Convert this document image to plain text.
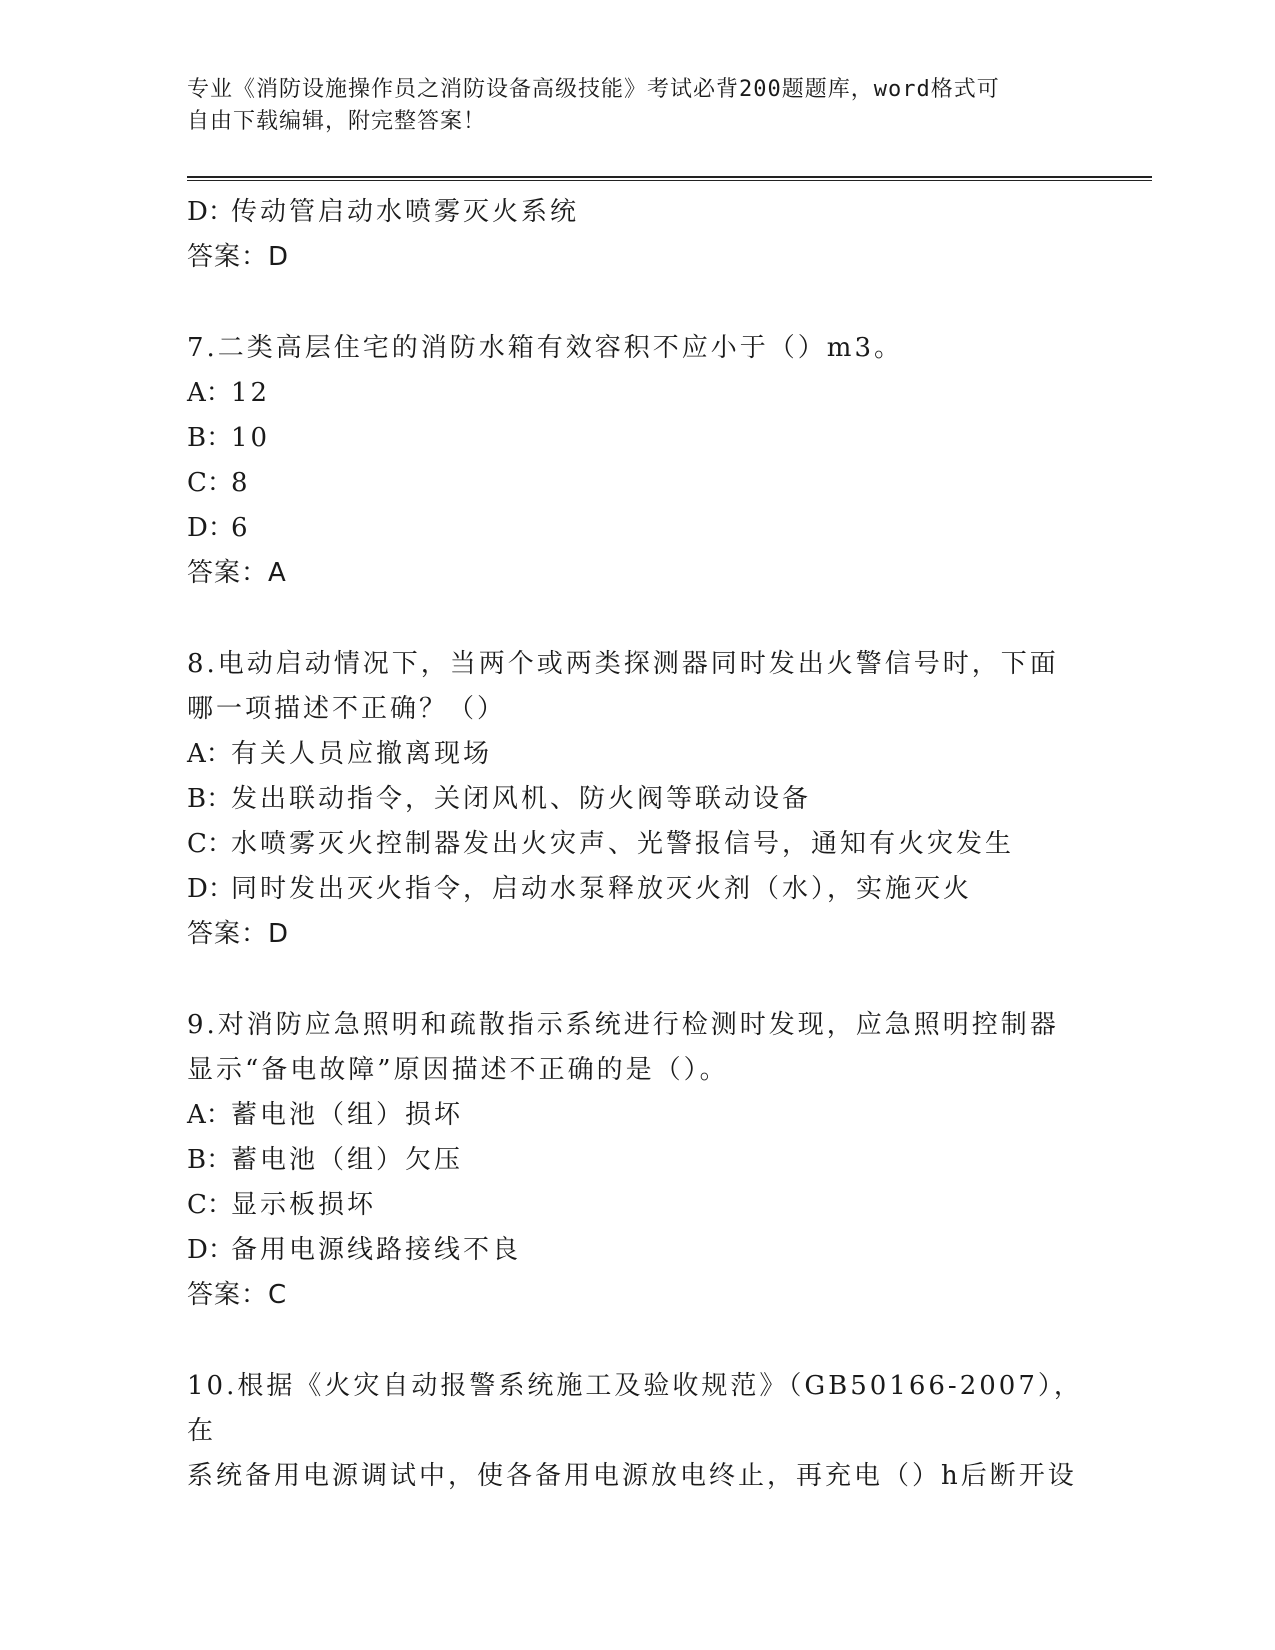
专业《消防设施操作员之消防设备高级技能》考试必背200题题库，word格式可
自由下载编辑，附完整答案！
D：传动管启动水喷雾灭火系统
答案：D
7.二类高层住宅的消防水箱有效容积不应小于（）m3。
A：12
B：10
C：8
D：6
答案：A
8.电动启动情况下，当两个或两类探测器同时发出火警信号时，下面
哪一项描述不正确？（）
A：有关人员应撤离现场
B：发出联动指令，关闭风机、防火阀等联动设备
C：水喷雾灭火控制器发出火灾声、光警报信号，通知有火灾发生
D：同时发出灭火指令，启动水泵释放灭火剂（水），实施灭火
答案：D
9.对消防应急照明和疏散指示系统进行检测时发现，应急照明控制器
显示“备电故障”原因描述不正确的是（）。
A：蓄电池（组）损坏
B：蓄电池（组）欠压
C：显示板损坏
D：备用电源线路接线不良
答案：C
10.根据《火灾自动报警系统施工及验收规范》（GB50166-2007），在
系统备用电源调试中，使各备用电源放电终止，再充电（）h后断开设
